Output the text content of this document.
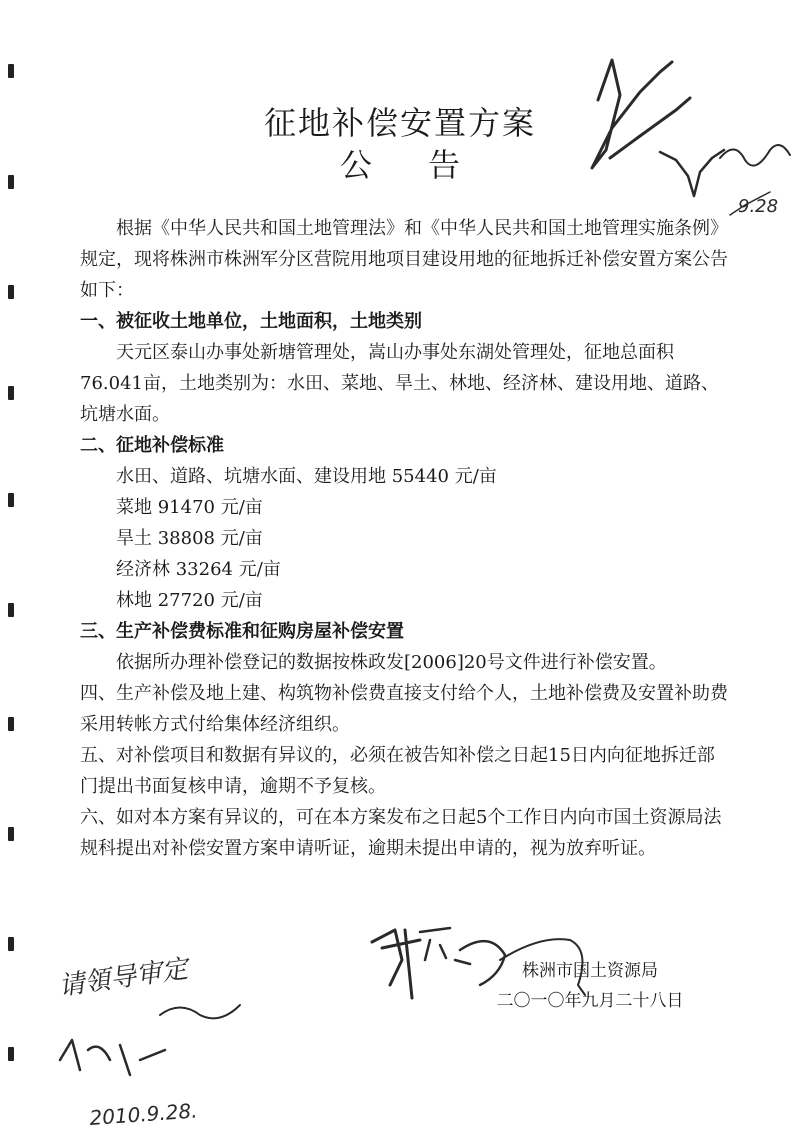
征地补偿安置方案
公 告

根据《中华人民共和国土地管理法》和《中华人民共和国土地管理实施条例》规定，现将株洲市株洲军分区营院用地项目建设用地的征地拆迁补偿安置方案公告如下：

一、被征收土地单位，土地面积，土地类别

天元区泰山办事处新塘管理处，嵩山办事处东湖处管理处，征地总面积76.041亩，土地类别为：水田、菜地、旱土、林地、经济林、建设用地、道路、坑塘水面。

二、征地补偿标准

水田、道路、坑塘水面、建设用地 55440 元/亩

菜地 91470 元/亩

旱土 38808 元/亩

经济林 33264 元/亩

林地 27720 元/亩

三、生产补偿费标准和征购房屋补偿安置

依据所办理补偿登记的数据按株政发[2006]20号文件进行补偿安置。

四、生产补偿及地上建、构筑物补偿费直接支付给个人，土地补偿费及安置补助费采用转帐方式付给集体经济组织。

五、对补偿项目和数据有异议的，必须在被告知补偿之日起15日内向征地拆迁部门提出书面复核申请，逾期不予复核。

六、如对本方案有异议的，可在本方案发布之日起5个工作日内向市国土资源局法规科提出对补偿安置方案申请听证，逾期未提出申请的，视为放弃听证。

株洲市国土资源局
二〇一〇年九月二十八日
9.28
请領导审定
2010.9.28.
